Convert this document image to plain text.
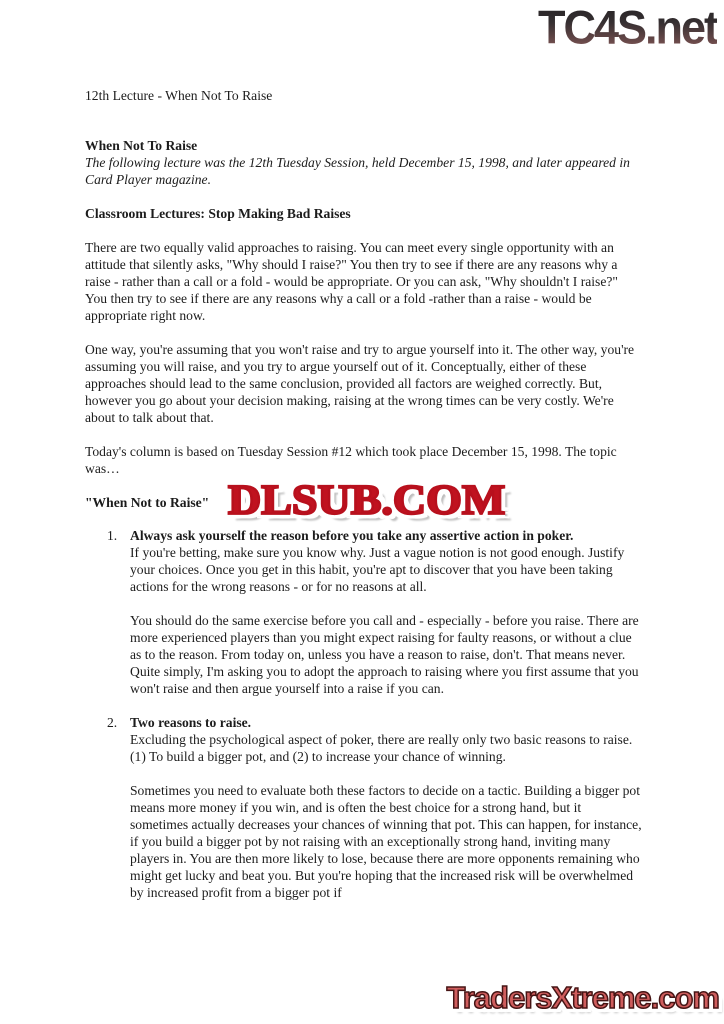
TC4S.net

12th Lecture - When Not To Raise

When Not To Raise

The following lecture was the 12th Tuesday Session, held December 15, 1998, and later appeared in Card Player magazine.

Classroom Lectures: Stop Making Bad Raises

There are two equally valid approaches to raising. You can meet every single opportunity with an attitude that silently asks, "Why should I raise?" You then try to see if there are any reasons why a raise - rather than a call or a fold - would be appropriate. Or you can ask, "Why shouldn't I raise?" You then try to see if there are any reasons why a call or a fold -rather than a raise - would be appropriate right now.

One way, you're assuming that you won't raise and try to argue yourself into it. The other way, you're assuming you will raise, and you try to argue yourself out of it. Conceptually, either of these approaches should lead to the same conclusion, provided all factors are weighed correctly. But, however you go about your decision making, raising at the wrong times can be very costly. We're about to talk about that.

Today's column is based on Tuesday Session #12 which took place December 15, 1998. The topic was…

"When Not to Raise"

1. Always ask yourself the reason before you take any assertive action in poker.
If you're betting, make sure you know why. Just a vague notion is not good enough. Justify your choices. Once you get in this habit, you're apt to discover that you have been taking actions for the wrong reasons - or for no reasons at all.

You should do the same exercise before you call and - especially - before you raise. There are more experienced players than you might expect raising for faulty reasons, or without a clue as to the reason. From today on, unless you have a reason to raise, don't. That means never. Quite simply, I'm asking you to adopt the approach to raising where you first assume that you won't raise and then argue yourself into a raise if you can.

2. Two reasons to raise.
Excluding the psychological aspect of poker, there are really only two basic reasons to raise. (1) To build a bigger pot, and (2) to increase your chance of winning.

Sometimes you need to evaluate both these factors to decide on a tactic. Building a bigger pot means more money if you win, and is often the best choice for a strong hand, but it sometimes actually decreases your chances of winning that pot. This can happen, for instance, if you build a bigger pot by not raising with an exceptionally strong hand, inviting many players in. You are then more likely to lose, because there are more opponents remaining who might get lucky and beat you. But you're hoping that the increased risk will be overwhelmed by increased profit from a bigger pot if

DLSUB.COM
TradersXtreme.com
